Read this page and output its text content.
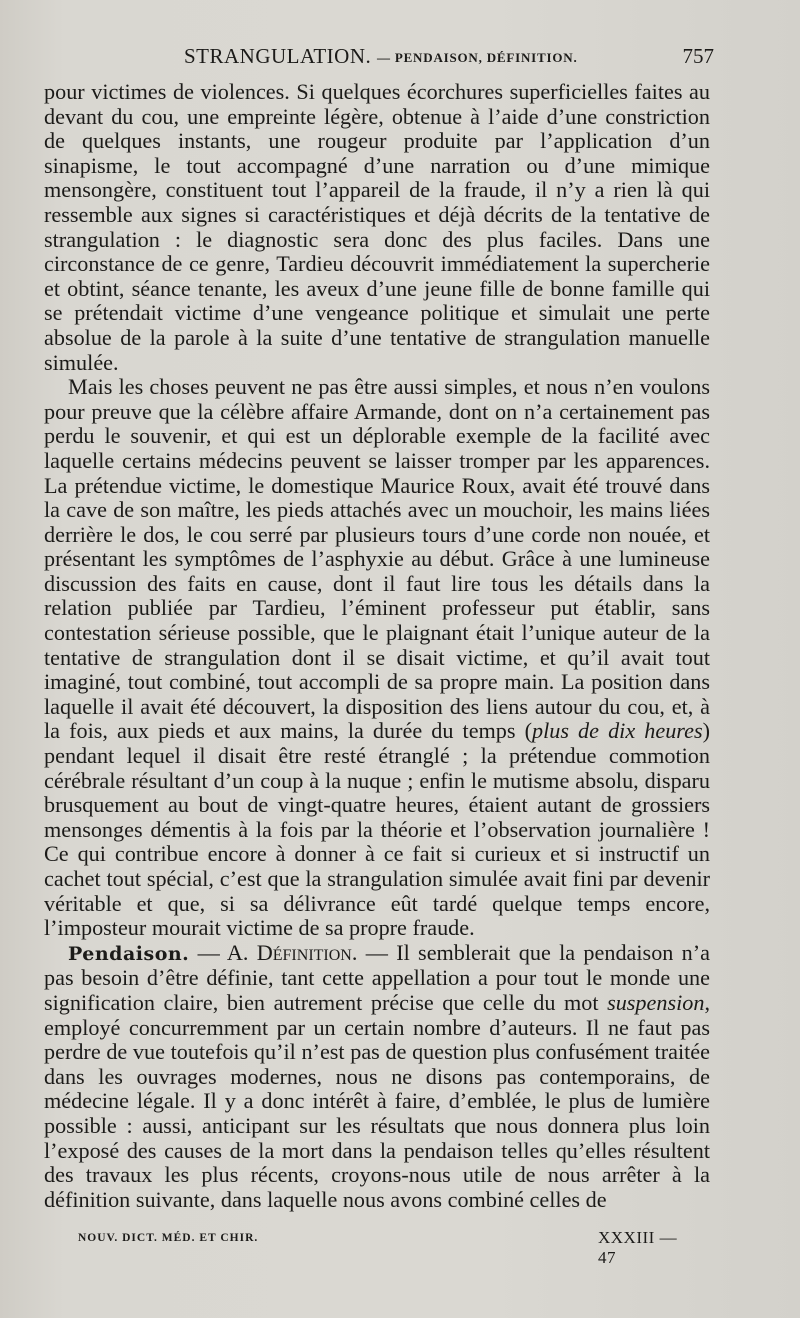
STRANGULATION. — PENDAISON, DÉFINITION.	757

pour victimes de violences. Si quelques écorchures superficielles faites au devant du cou, une empreinte légère, obtenue à l’aide d’une constriction de quelques instants, une rougeur produite par l’application d’un sinapisme, le tout accompagné d’une narration ou d’une mimique mensongère, constituent tout l’appareil de la fraude, il n’y a rien là qui ressemble aux signes si caractéristiques et déjà décrits de la tentative de strangulation : le diagnostic sera donc des plus faciles. Dans une circonstance de ce genre, Tardieu découvrit immédiatement la supercherie et obtint, séance tenante, les aveux d’une jeune fille de bonne famille qui se prétendait victime d’une vengeance politique et simulait une perte absolue de la parole à la suite d’une tentative de strangulation manuelle simulée.

Mais les choses peuvent ne pas être aussi simples, et nous n’en voulons pour preuve que la célèbre affaire Armande, dont on n’a certainement pas perdu le souvenir, et qui est un déplorable exemple de la facilité avec laquelle certains médecins peuvent se laisser tromper par les apparences. La prétendue victime, le domestique Maurice Roux, avait été trouvé dans la cave de son maître, les pieds attachés avec un mouchoir, les mains liées derrière le dos, le cou serré par plusieurs tours d’une corde non nouée, et présentant les symptômes de l’asphyxie au début. Grâce à une lumineuse discussion des faits en cause, dont il faut lire tous les détails dans la relation publiée par Tardieu, l’éminent professeur put établir, sans contestation sérieuse possible, que le plaignant était l’unique auteur de la tentative de strangulation dont il se disait victime, et qu’il avait tout imaginé, tout combiné, tout accompli de sa propre main. La position dans laquelle il avait été découvert, la disposition des liens autour du cou, et, à la fois, aux pieds et aux mains, la durée du temps (plus de dix heures) pendant lequel il disait être resté étranglé ; la prétendue commotion cérébrale résultant d’un coup à la nuque ; enfin le mutisme absolu, disparu brusquement au bout de vingt-quatre heures, étaient autant de grossiers mensonges démentis à la fois par la théorie et l’observation journalière ! Ce qui contribue encore à donner à ce fait si curieux et si instructif un cachet tout spécial, c’est que la strangulation simulée avait fini par devenir véritable et que, si sa délivrance eût tardé quelque temps encore, l’imposteur mourait victime de sa propre fraude.

Pendaison. — A. Définition. — Il semblerait que la pendaison n’a pas besoin d’être définie, tant cette appellation a pour tout le monde une signification claire, bien autrement précise que celle du mot suspension, employé concurremment par un certain nombre d’auteurs. Il ne faut pas perdre de vue toutefois qu’il n’est pas de question plus confusément traitée dans les ouvrages modernes, nous ne disons pas contemporains, de médecine légale. Il y a donc intérêt à faire, d’emblée, le plus de lumière possible : aussi, anticipant sur les résultats que nous donnera plus loin l’exposé des causes de la mort dans la pendaison telles qu’elles résultent des travaux les plus récents, croyons-nous utile de nous arrêter à la définition suivante, dans laquelle nous avons combiné celles de

NOUV. DICT. MÉD. ET CHIR.	XXXIII — 47
